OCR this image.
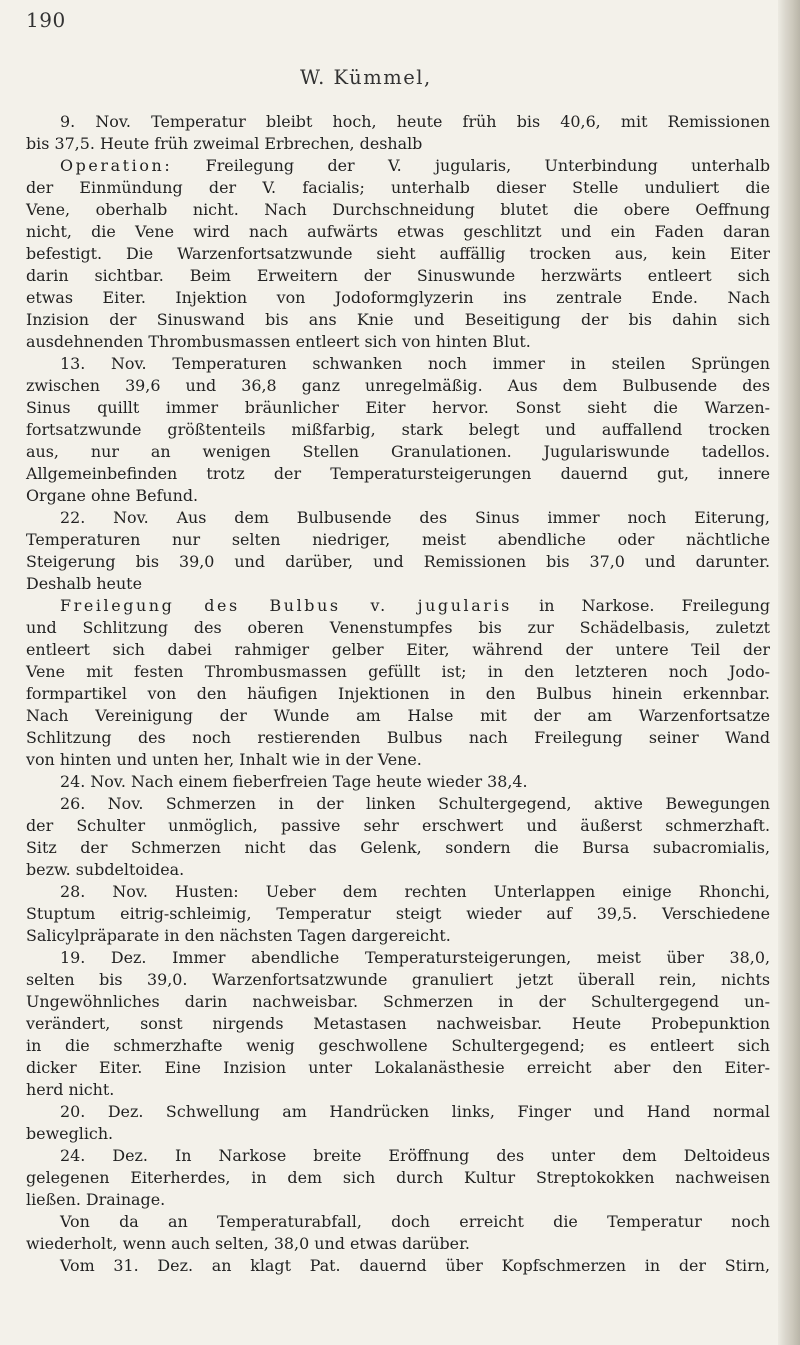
190
W. Kümmel,
9. Nov. Temperatur bleibt hoch, heute früh bis 40,6, mit Remissionen
bis 37,5. Heute früh zweimal Erbrechen, deshalb
Operation: Freilegung der V. jugularis, Unterbindung unterhalb
der Einmündung der V. facialis; unterhalb dieser Stelle unduliert die
Vene, oberhalb nicht. Nach Durchschneidung blutet die obere Oeffnung
nicht, die Vene wird nach aufwärts etwas geschlitzt und ein Faden daran
befestigt. Die Warzenfortsatzwunde sieht auffällig trocken aus, kein Eiter
darin sichtbar. Beim Erweitern der Sinuswunde herzwärts entleert sich
etwas Eiter. Injektion von Jodoformglyzerin ins zentrale Ende. Nach
Inzision der Sinuswand bis ans Knie und Beseitigung der bis dahin sich
ausdehnenden Thrombusmassen entleert sich von hinten Blut.
13. Nov. Temperaturen schwanken noch immer in steilen Sprüngen
zwischen 39,6 und 36,8 ganz unregelmäßig. Aus dem Bulbusende des
Sinus quillt immer bräunlicher Eiter hervor. Sonst sieht die Warzen-
fortsatzwunde größtenteils mißfarbig, stark belegt und auffallend trocken
aus, nur an wenigen Stellen Granulationen. Jugulariswunde tadellos.
Allgemeinbefinden trotz der Temperatursteigerungen dauernd gut, innere
Organe ohne Befund.
22. Nov. Aus dem Bulbusende des Sinus immer noch Eiterung,
Temperaturen nur selten niedriger, meist abendliche oder nächtliche
Steigerung bis 39,0 und darüber, und Remissionen bis 37,0 und darunter.
Deshalb heute
Freilegung des Bulbus v. jugularis in Narkose. Freilegung
und Schlitzung des oberen Venenstumpfes bis zur Schädelbasis, zuletzt
entleert sich dabei rahmiger gelber Eiter, während der untere Teil der
Vene mit festen Thrombusmassen gefüllt ist; in den letzteren noch Jodo-
formpartikel von den häufigen Injektionen in den Bulbus hinein erkennbar.
Nach Vereinigung der Wunde am Halse mit der am Warzenfortsatze
Schlitzung des noch restierenden Bulbus nach Freilegung seiner Wand
von hinten und unten her, Inhalt wie in der Vene.
24. Nov. Nach einem fieberfreien Tage heute wieder 38,4.
26. Nov. Schmerzen in der linken Schultergegend, aktive Bewegungen
der Schulter unmöglich, passive sehr erschwert und äußerst schmerzhaft.
Sitz der Schmerzen nicht das Gelenk, sondern die Bursa subacromialis,
bezw. subdeltoidea.
28. Nov. Husten: Ueber dem rechten Unterlappen einige Rhonchi,
Stuptum eitrig-schleimig, Temperatur steigt wieder auf 39,5. Verschiedene
Salicylpräparate in den nächsten Tagen dargereicht.
19. Dez. Immer abendliche Temperatursteigerungen, meist über 38,0,
selten bis 39,0. Warzenfortsatzwunde granuliert jetzt überall rein, nichts
Ungewöhnliches darin nachweisbar. Schmerzen in der Schultergegend un-
verändert, sonst nirgends Metastasen nachweisbar. Heute Probepunktion
in die schmerzhafte wenig geschwollene Schultergegend; es entleert sich
dicker Eiter. Eine Inzision unter Lokalanästhesie erreicht aber den Eiter-
herd nicht.
20. Dez. Schwellung am Handrücken links, Finger und Hand normal
beweglich.
24. Dez. In Narkose breite Eröffnung des unter dem Deltoideus
gelegenen Eiterherdes, in dem sich durch Kultur Streptokokken nachweisen
ließen. Drainage.
Von da an Temperaturabfall, doch erreicht die Temperatur noch
wiederholt, wenn auch selten, 38,0 und etwas darüber.
Vom 31. Dez. an klagt Pat. dauernd über Kopfschmerzen in der Stirn,
